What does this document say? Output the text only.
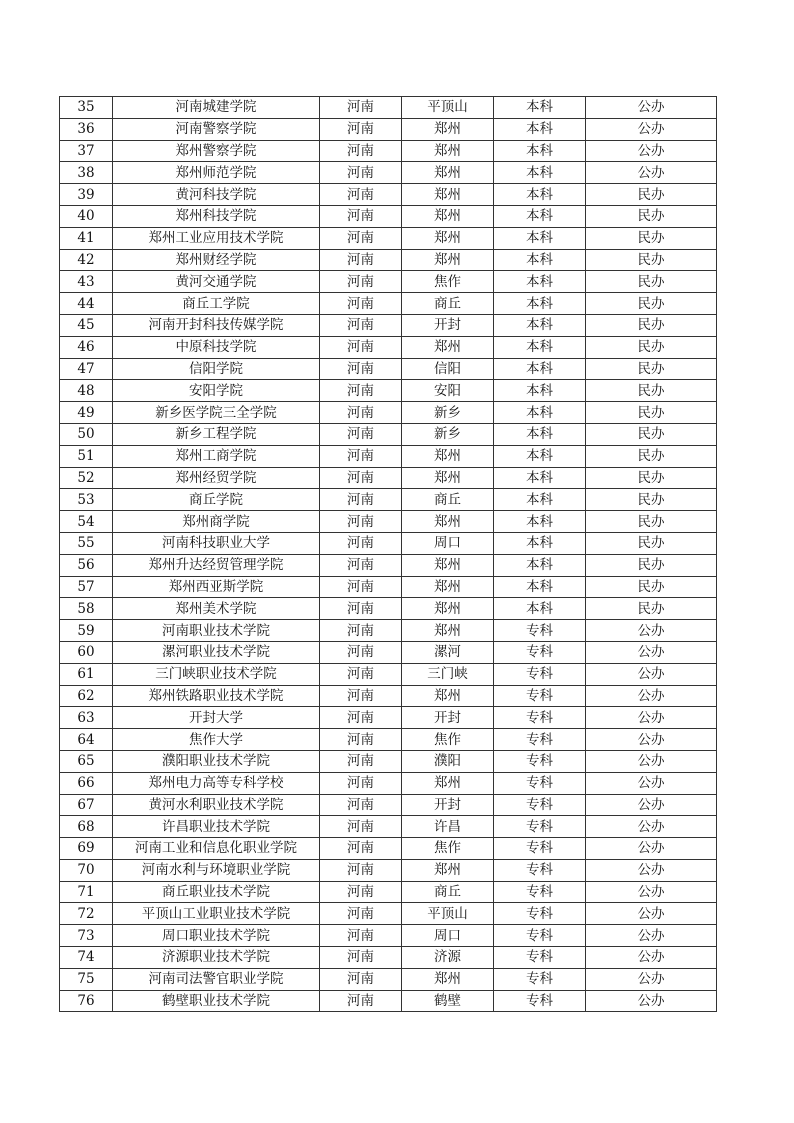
35	河南城建学院	河南	平顶山	本科	公办
36	河南警察学院	河南	郑州	本科	公办
37	郑州警察学院	河南	郑州	本科	公办
38	郑州师范学院	河南	郑州	本科	公办
39	黄河科技学院	河南	郑州	本科	民办
40	郑州科技学院	河南	郑州	本科	民办
41	郑州工业应用技术学院	河南	郑州	本科	民办
42	郑州财经学院	河南	郑州	本科	民办
43	黄河交通学院	河南	焦作	本科	民办
44	商丘工学院	河南	商丘	本科	民办
45	河南开封科技传媒学院	河南	开封	本科	民办
46	中原科技学院	河南	郑州	本科	民办
47	信阳学院	河南	信阳	本科	民办
48	安阳学院	河南	安阳	本科	民办
49	新乡医学院三全学院	河南	新乡	本科	民办
50	新乡工程学院	河南	新乡	本科	民办
51	郑州工商学院	河南	郑州	本科	民办
52	郑州经贸学院	河南	郑州	本科	民办
53	商丘学院	河南	商丘	本科	民办
54	郑州商学院	河南	郑州	本科	民办
55	河南科技职业大学	河南	周口	本科	民办
56	郑州升达经贸管理学院	河南	郑州	本科	民办
57	郑州西亚斯学院	河南	郑州	本科	民办
58	郑州美术学院	河南	郑州	本科	民办
59	河南职业技术学院	河南	郑州	专科	公办
60	漯河职业技术学院	河南	漯河	专科	公办
61	三门峡职业技术学院	河南	三门峡	专科	公办
62	郑州铁路职业技术学院	河南	郑州	专科	公办
63	开封大学	河南	开封	专科	公办
64	焦作大学	河南	焦作	专科	公办
65	濮阳职业技术学院	河南	濮阳	专科	公办
66	郑州电力高等专科学校	河南	郑州	专科	公办
67	黄河水利职业技术学院	河南	开封	专科	公办
68	许昌职业技术学院	河南	许昌	专科	公办
69	河南工业和信息化职业学院	河南	焦作	专科	公办
70	河南水利与环境职业学院	河南	郑州	专科	公办
71	商丘职业技术学院	河南	商丘	专科	公办
72	平顶山工业职业技术学院	河南	平顶山	专科	公办
73	周口职业技术学院	河南	周口	专科	公办
74	济源职业技术学院	河南	济源	专科	公办
75	河南司法警官职业学院	河南	郑州	专科	公办
76	鹤壁职业技术学院	河南	鹤壁	专科	公办
